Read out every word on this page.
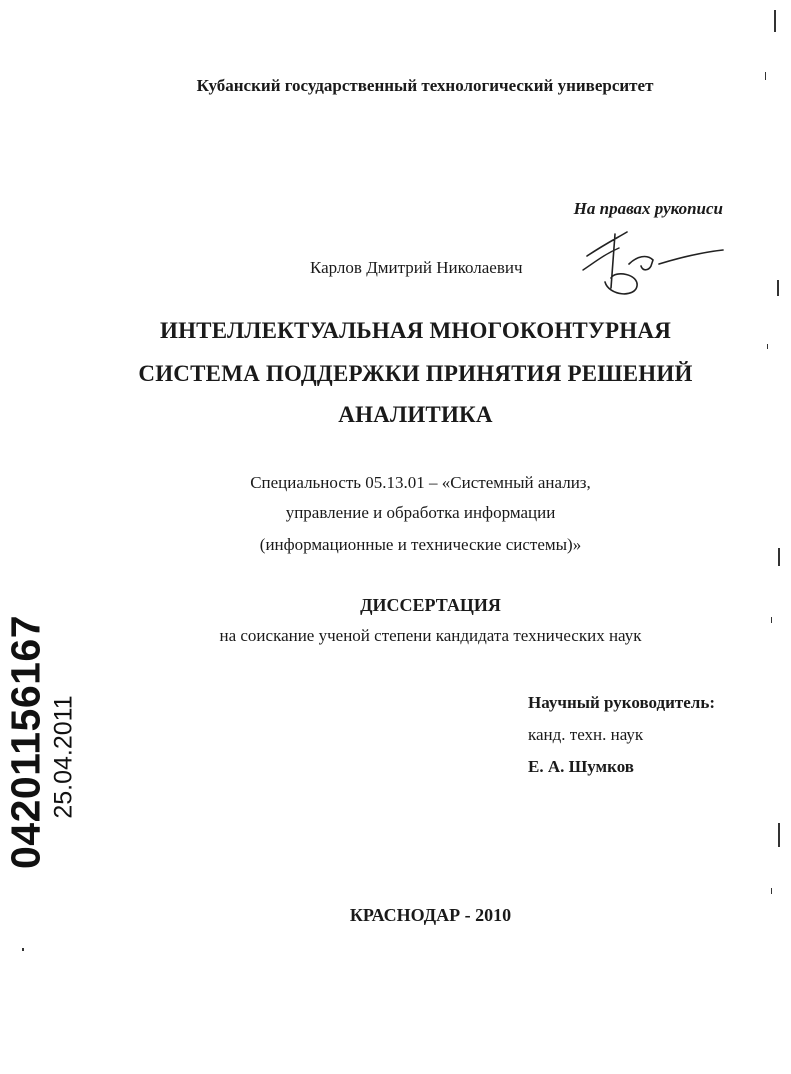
Кубанский государственный технологический университет
На правах рукописи
Карлов Дмитрий Николаевич
ИНТЕЛЛЕКТУАЛЬНАЯ МНОГОКОНТУРНАЯ
СИСТЕМА ПОДДЕРЖКИ ПРИНЯТИЯ РЕШЕНИЙ
АНАЛИТИКА
Специальность 05.13.01 – «Системный анализ,
управление и обработка информации
(информационные и технические системы)»
ДИССЕРТАЦИЯ
на соискание ученой степени кандидата технических наук
Научный руководитель:
канд. техн. наук
Е. А. Шумков
КРАСНОДАР - 2010
04201156167 25.04.2011
